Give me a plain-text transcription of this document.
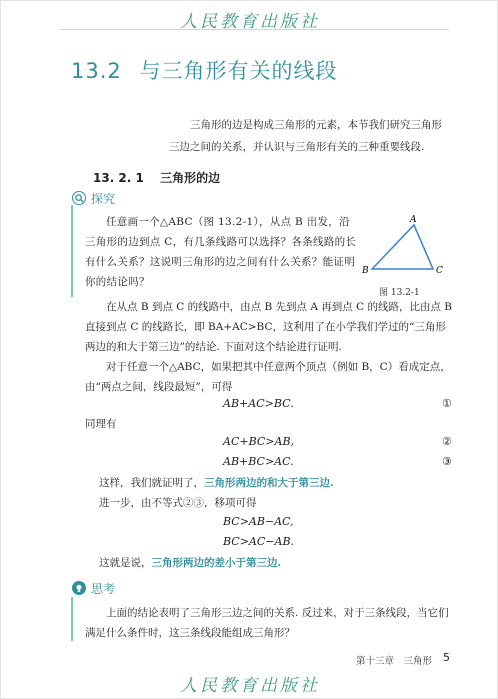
人民教育出版社
13.2 与三角形有关的线段
三角形的边是构成三角形的元素，本节我们研究三角形三边之间的关系，并认识与三角形有关的三种重要线段.
13. 2. 1 三角形的边
探究
任意画一个△ABC（图 13.2-1），从点 B 出发，沿三角形的边到点 C，有几条线路可以选择？各条线路的长有什么关系？这说明三角形的边之间有什么关系？能证明你的结论吗？
A
B	C
图 13.2-1
在从点 B 到点 C 的线路中，由点 B 先到点 A 再到点 C 的线路，比由点 B 直接到点 C 的线路长，即 BA+AC>BC，这利用了在小学我们学过的“三角形两边的和大于第三边”的结论. 下面对这个结论进行证明.
对于任意一个△ABC，如果把其中任意两个顶点（例如 B，C）看成定点，由“两点之间，线段最短”，可得
AB+AC>BC.	①
同理有
AC+BC>AB,	②
AB+BC>AC.	③
这样，我们就证明了，三角形两边的和大于第三边.
进一步，由不等式②③，移项可得
BC>AB−AC,
BC>AC−AB.
这就是说，三角形两边的差小于第三边.
思考
上面的结论表明了三角形三边之间的关系. 反过来，对于三条线段，当它们满足什么条件时，这三条线段能组成三角形？
第十三章　三角形 5
人民教育出版社
